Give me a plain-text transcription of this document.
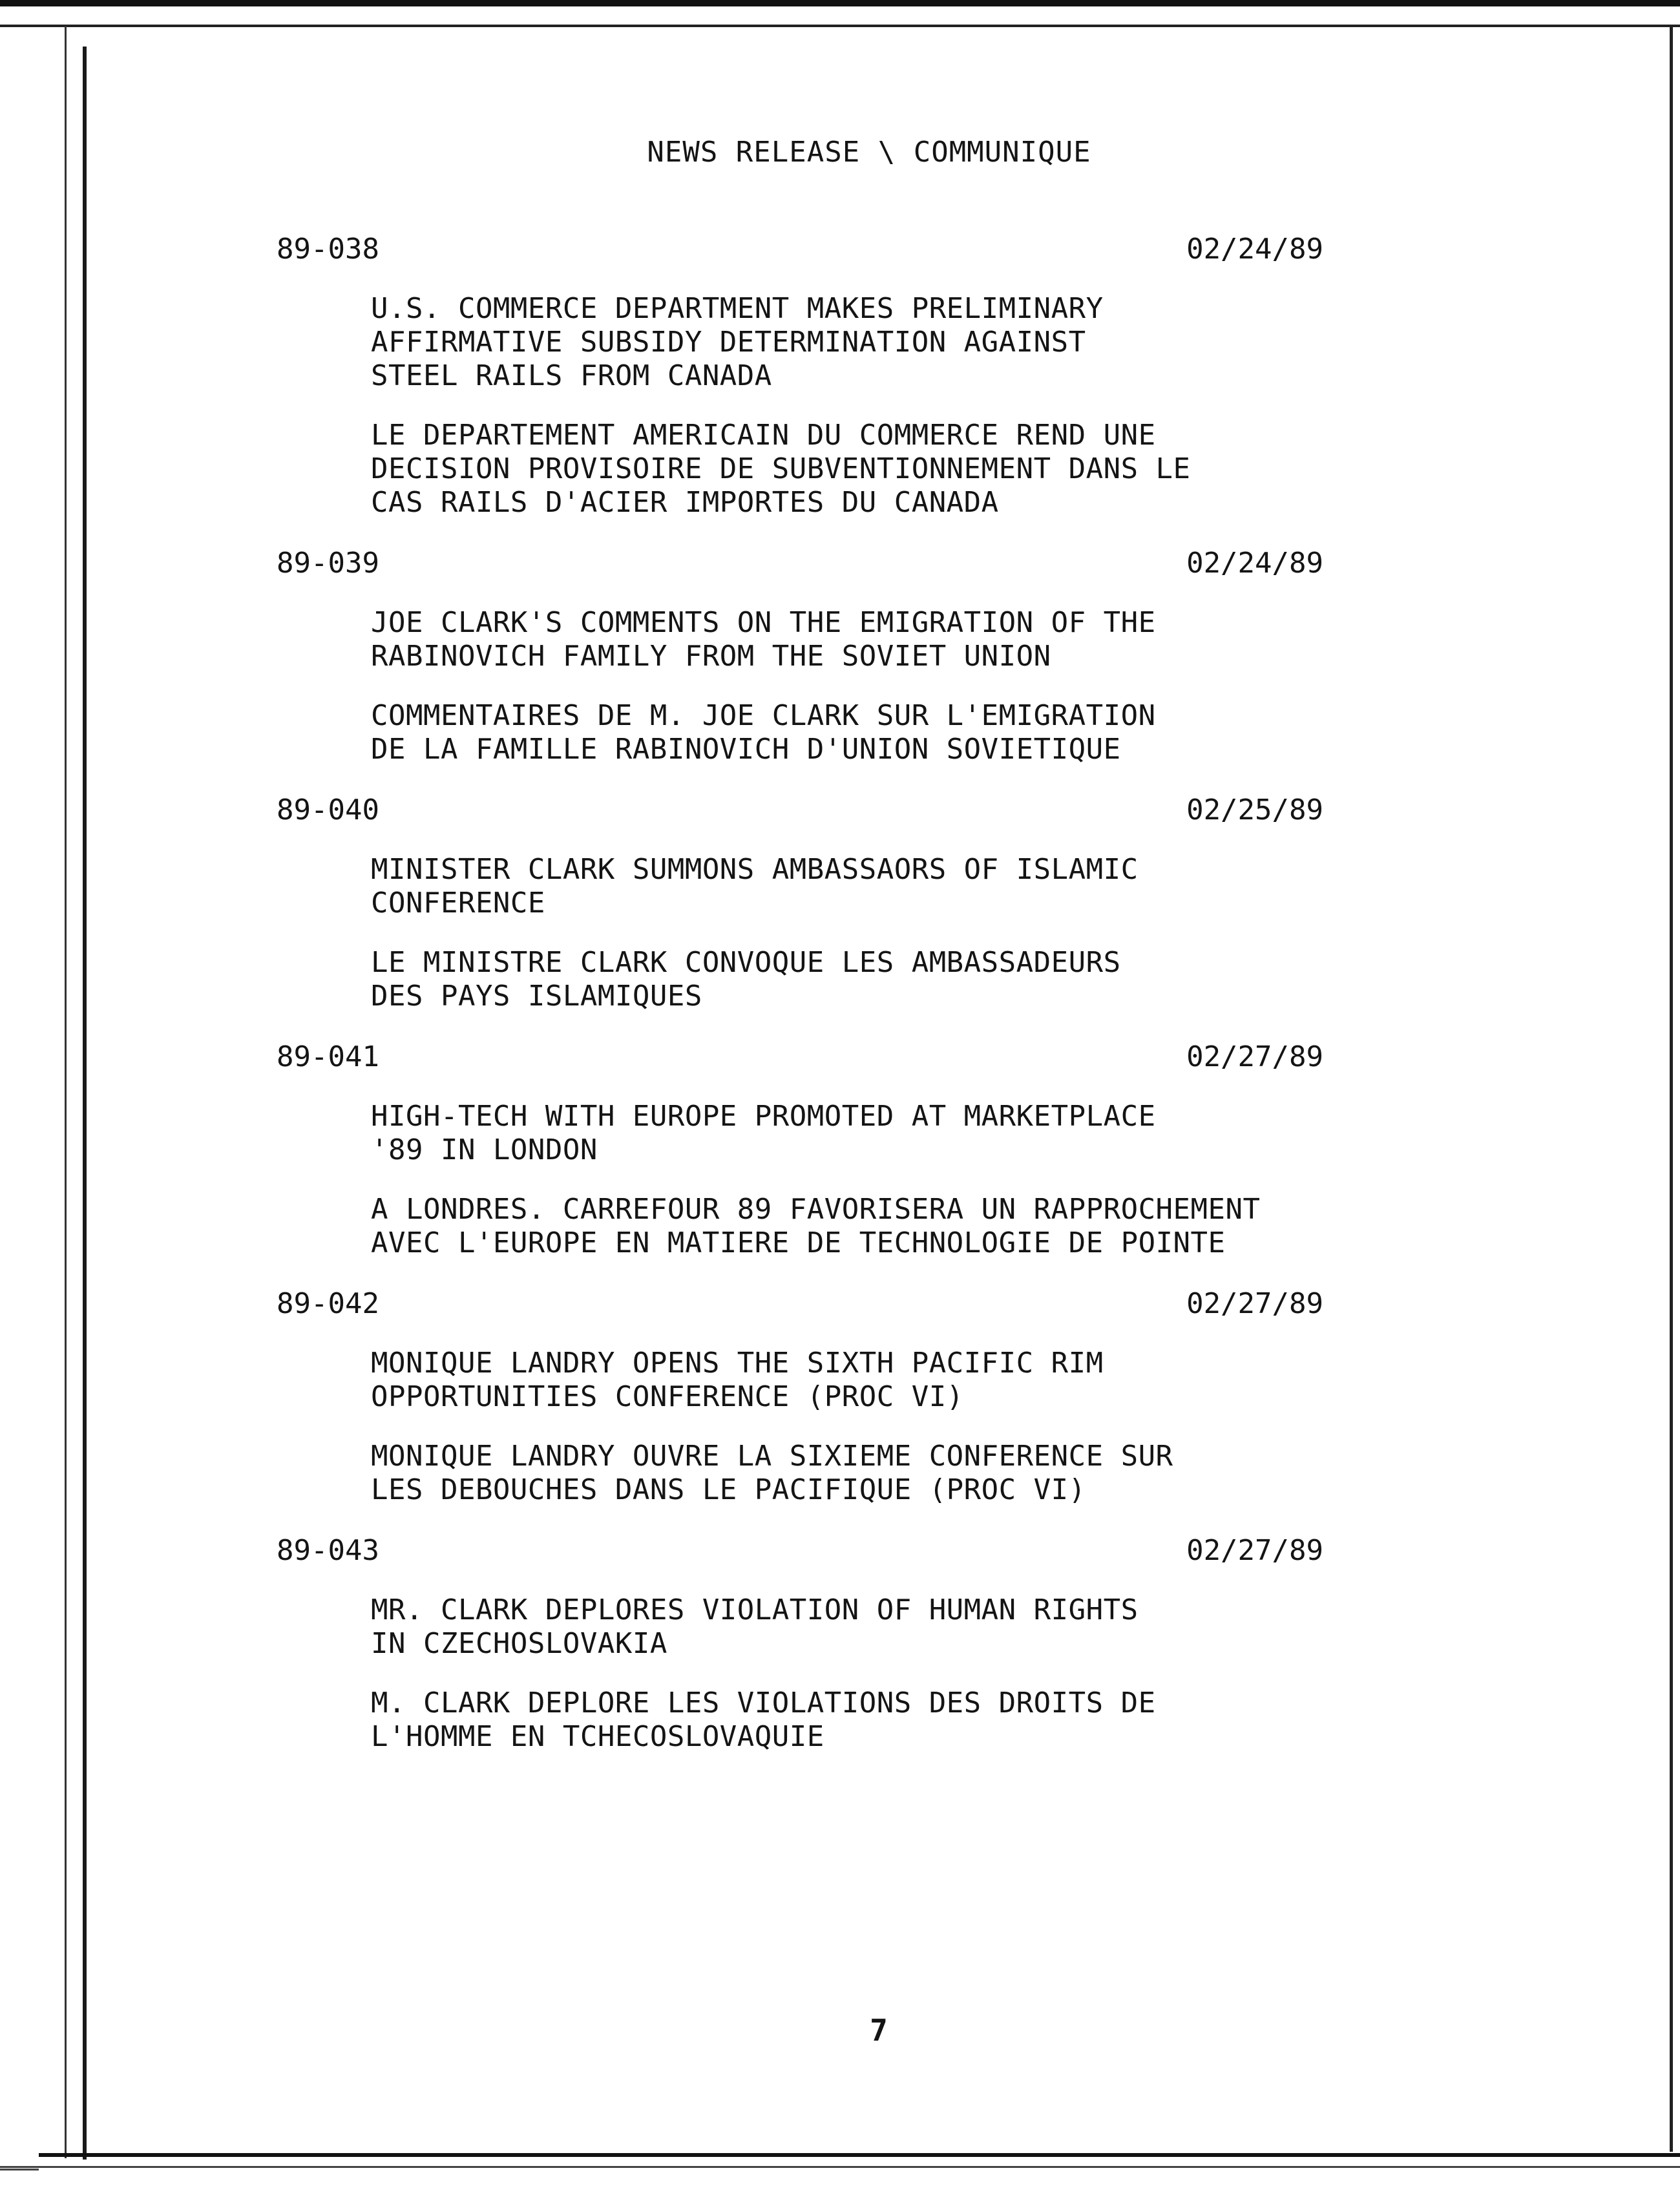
NEWS RELEASE \ COMMUNIQUE
89-038	02/24/89
U.S. COMMERCE DEPARTMENT MAKES PRELIMINARY
AFFIRMATIVE SUBSIDY DETERMINATION AGAINST
STEEL RAILS FROM CANADA
LE DEPARTEMENT AMERICAIN DU COMMERCE REND UNE
DECISION PROVISOIRE DE SUBVENTIONNEMENT DANS LE
CAS RAILS D'ACIER IMPORTES DU CANADA
89-039	02/24/89
JOE CLARK'S COMMENTS ON THE EMIGRATION OF THE
RABINOVICH FAMILY FROM THE SOVIET UNION
COMMENTAIRES DE M. JOE CLARK SUR L'EMIGRATION
DE LA FAMILLE RABINOVICH D'UNION SOVIETIQUE
89-040	02/25/89
MINISTER CLARK SUMMONS AMBASSAORS OF ISLAMIC
CONFERENCE
LE MINISTRE CLARK CONVOQUE LES AMBASSADEURS
DES PAYS ISLAMIQUES
89-041	02/27/89
HIGH-TECH WITH EUROPE PROMOTED AT MARKETPLACE
'89 IN LONDON
A LONDRES. CARREFOUR 89 FAVORISERA UN RAPPROCHEMENT
AVEC L'EUROPE EN MATIERE DE TECHNOLOGIE DE POINTE
89-042	02/27/89
MONIQUE LANDRY OPENS THE SIXTH PACIFIC RIM
OPPORTUNITIES CONFERENCE (PROC VI)
MONIQUE LANDRY OUVRE LA SIXIEME CONFERENCE SUR
LES DEBOUCHES DANS LE PACIFIQUE (PROC VI)
89-043	02/27/89
MR. CLARK DEPLORES VIOLATION OF HUMAN RIGHTS
IN CZECHOSLOVAKIA
M. CLARK DEPLORE LES VIOLATIONS DES DROITS DE
L'HOMME EN TCHECOSLOVAQUIE
7
